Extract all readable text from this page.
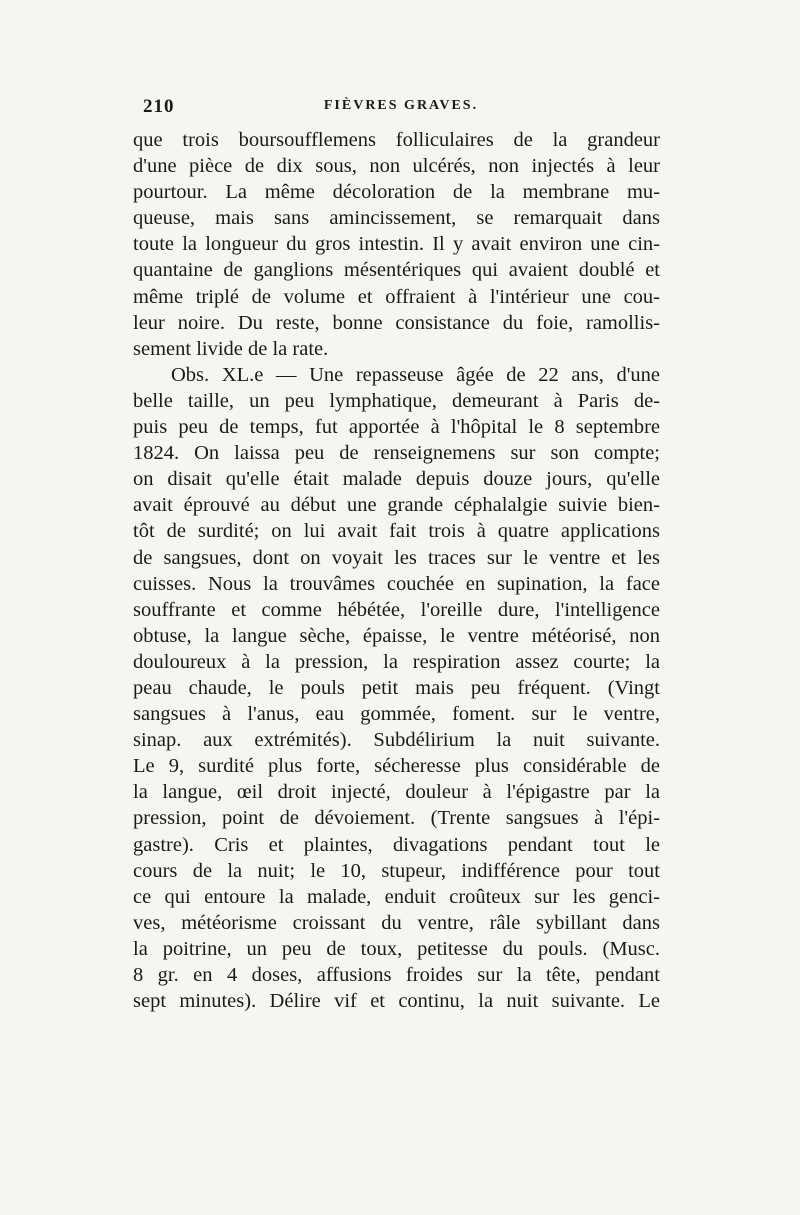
210	FIÈVRES GRAVES.
que trois boursoufflemens folliculaires de la grandeur
d'une pièce de dix sous, non ulcérés, non injectés à leur
pourtour. La même décoloration de la membrane mu-
queuse, mais sans amincissement, se remarquait dans
toute la longueur du gros intestin. Il y avait environ une cin-
quantaine de ganglions mésentériques qui avaient doublé et
même triplé de volume et offraient à l'intérieur une cou-
leur noire. Du reste, bonne consistance du foie, ramollis-
sement livide de la rate.
Obs. XL.e — Une repasseuse âgée de 22 ans, d'une
belle taille, un peu lymphatique, demeurant à Paris de-
puis peu de temps, fut apportée à l'hôpital le 8 septembre
1824. On laissa peu de renseignemens sur son compte;
on disait qu'elle était malade depuis douze jours, qu'elle
avait éprouvé au début une grande céphalalgie suivie bien-
tôt de surdité; on lui avait fait trois à quatre applications
de sangsues, dont on voyait les traces sur le ventre et les
cuisses. Nous la trouvâmes couchée en supination, la face
souffrante et comme hébétée, l'oreille dure, l'intelligence
obtuse, la langue sèche, épaisse, le ventre météorisé, non
douloureux à la pression, la respiration assez courte; la
peau chaude, le pouls petit mais peu fréquent. (Vingt
sangsues à l'anus, eau gommée, foment. sur le ventre,
sinap. aux extrémités). Subdélirium la nuit suivante.
Le 9, surdité plus forte, sécheresse plus considérable de
la langue, œil droit injecté, douleur à l'épigastre par la
pression, point de dévoiement. (Trente sangsues à l'épi-
gastre). Cris et plaintes, divagations pendant tout le
cours de la nuit; le 10, stupeur, indifférence pour tout
ce qui entoure la malade, enduit croûteux sur les genci-
ves, météorisme croissant du ventre, râle sybillant dans
la poitrine, un peu de toux, petitesse du pouls. (Musc.
8 gr. en 4 doses, affusions froides sur la tête, pendant
sept minutes). Délire vif et continu, la nuit suivante. Le
